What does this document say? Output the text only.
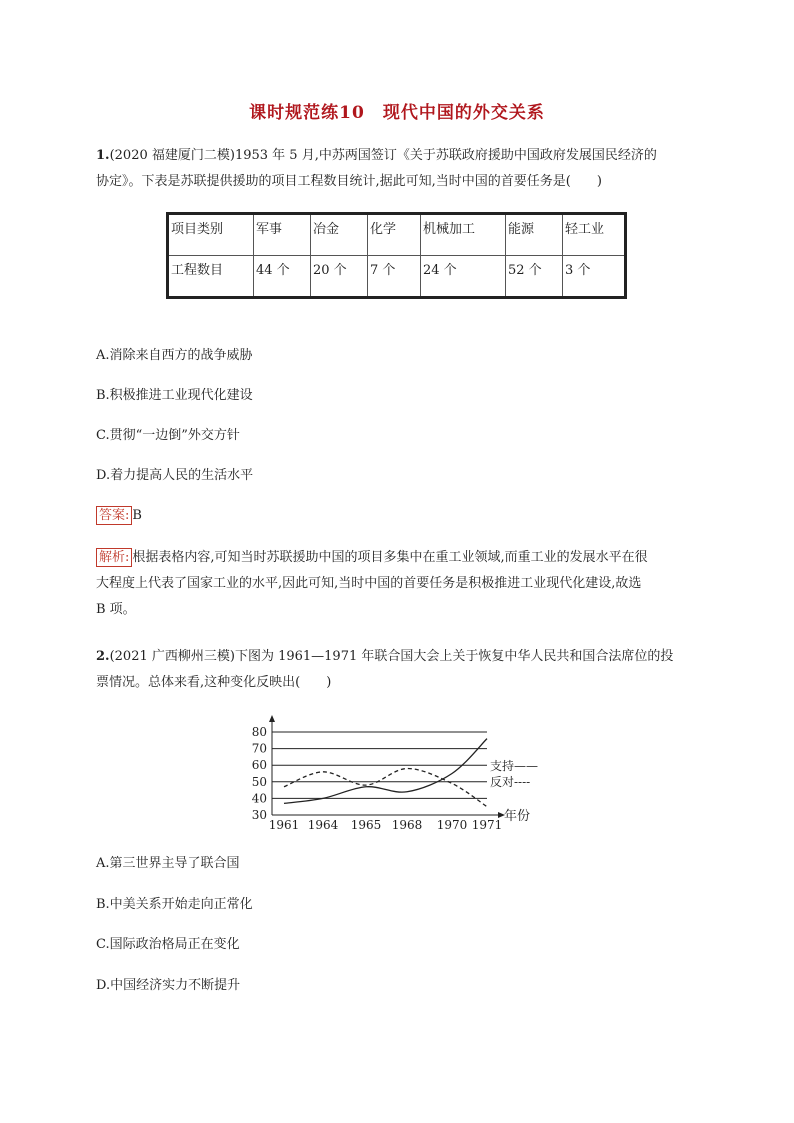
课时规范练10　现代中国的外交关系
1.(2020 福建厦门二模)1953 年 5 月,中苏两国签订《关于苏联政府援助中国政府发展国民经济的
协定》。下表是苏联提供援助的项目工程数目统计,据此可知,当时中国的首要任务是(　　)
项目类别	军事	冶金	化学	机械加工	能源	轻工业
工程数目	44 个	20 个	7 个	24 个	52 个	3 个
A.消除来自西方的战争威胁
B.积极推进工业现代化建设
C.贯彻“一边倒”外交方针
D.着力提高人民的生活水平
答案: B
解析: 根据表格内容,可知当时苏联援助中国的项目多集中在重工业领域,而重工业的发展水平在很
大程度上代表了国家工业的水平,因此可知,当时中国的首要任务是积极推进工业现代化建设,故选
B 项。
2.(2021 广西柳州三模)下图为 1961—1971 年联合国大会上关于恢复中华人民共和国合法席位的投
票情况。总体来看,这种变化反映出(　　)
30
40
50
60
70
80
1961 1964 1965 1968 1970 1971
年份
支持——
反对----
A.第三世界主导了联合国
B.中美关系开始走向正常化
C.国际政治格局正在变化
D.中国经济实力不断提升
